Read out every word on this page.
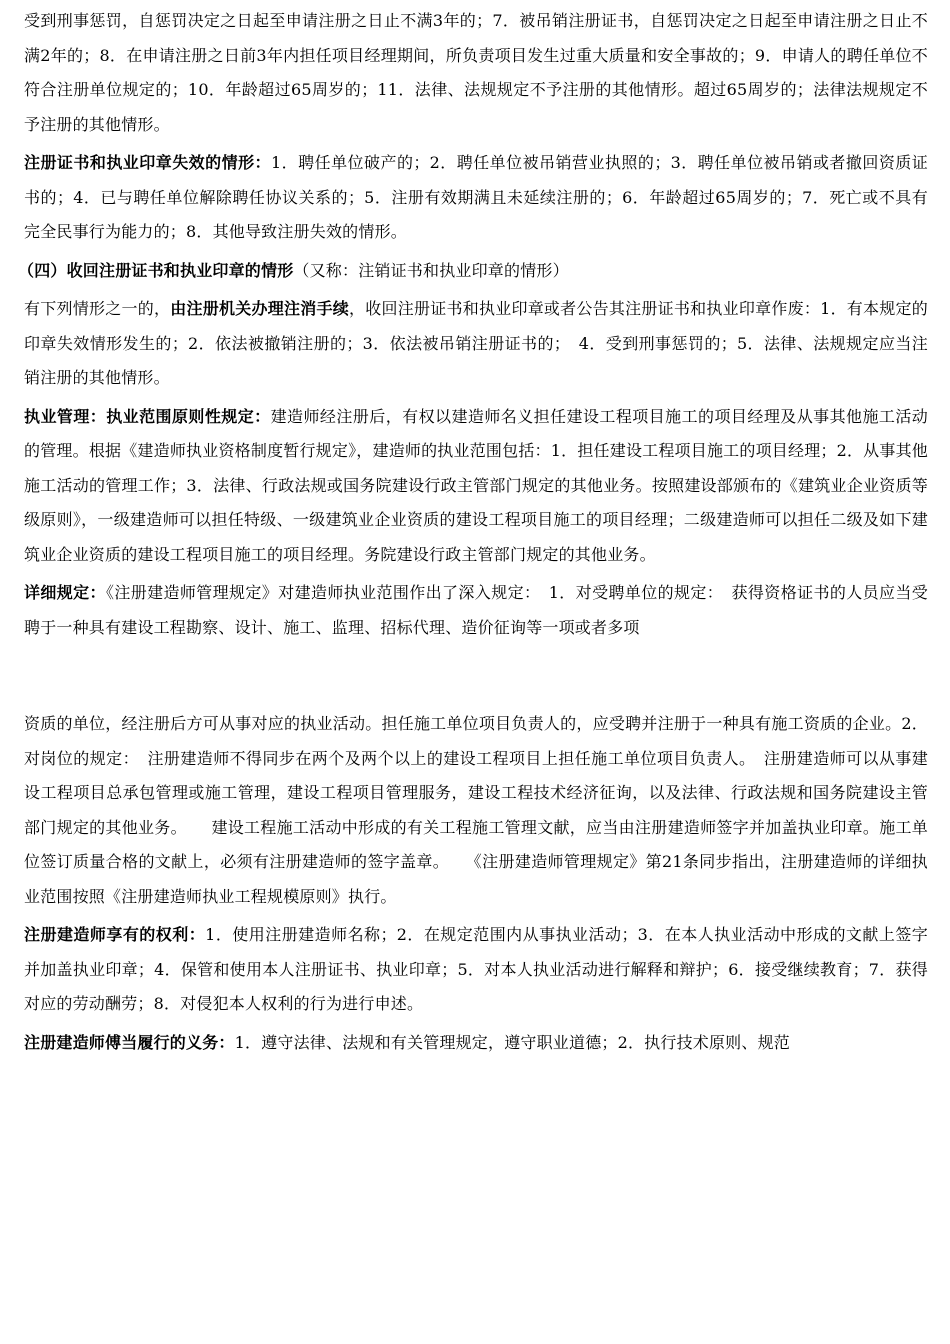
受到刑事惩罚，自惩罚决定之日起至申请注册之日止不满3年的；7．被吊销注册证书，自惩罚决定之日起至申请注册之日止不满2年的；8．在申请注册之日前3年内担任项目经理期间，所负责项目发生过重大质量和安全事故的；9．申请人的聘任单位不符合注册单位规定的；10．年龄超过65周岁的；11．法律、法规规定不予注册的其他情形。超过65周岁的；法律法规规定不予注册的其他情形。

注册证书和执业印章失效的情形：1．聘任单位破产的；2．聘任单位被吊销营业执照的；3．聘任单位被吊销或者撤回资质证书的；4．已与聘任单位解除聘任协议关系的；5．注册有效期满且未延续注册的；6．年龄超过65周岁的；7．死亡或不具有完全民事行为能力的；8．其他导致注册失效的情形。

（四）收回注册证书和执业印章的情形（又称：注销证书和执业印章的情形）

有下列情形之一的，由注册机关办理注消手续，收回注册证书和执业印章或者公告其注册证书和执业印章作废：1．有本规定的印章失效情形发生的；2．依法被撤销注册的；3．依法被吊销注册证书的；　4．受到刑事惩罚的；5．法律、法规规定应当注销注册的其他情形。

执业管理：执业范围原则性规定：建造师经注册后，有权以建造师名义担任建设工程项目施工的项目经理及从事其他施工活动的管理。根据《建造师执业资格制度暂行规定》，建造师的执业范围包括：1．担任建设工程项目施工的项目经理；2．从事其他施工活动的管理工作；3．法律、行政法规或国务院建设行政主管部门规定的其他业务。按照建设部颁布的《建筑业企业资质等级原则》，一级建造师可以担任特级、一级建筑业企业资质的建设工程项目施工的项目经理；二级建造师可以担任二级及如下建筑业企业资质的建设工程项目施工的项目经理。务院建设行政主管部门规定的其他业务。

详细规定：《注册建造师管理规定》对建造师执业范围作出了深入规定：　1．对受聘单位的规定：　获得资格证书的人员应当受聘于一种具有建设工程勘察、设计、施工、监理、招标代理、造价征询等一项或者多项

资质的单位，经注册后方可从事对应的执业活动。担任施工单位项目负责人的，应受聘并注册于一种具有施工资质的企业。2．对岗位的规定：　注册建造师不得同步在两个及两个以上的建设工程项目上担任施工单位项目负责人。　注册建造师可以从事建设工程项目总承包管理或施工管理，建设工程项目管理服务，建设工程技术经济征询，以及法律、行政法规和国务院建设主管部门规定的其他业务。　　建设工程施工活动中形成的有关工程施工管理文献，应当由注册建造师签字并加盖执业印章。施工单位签订质量合格的文献上，必须有注册建造师的签字盖章。　　《注册建造师管理规定》第21条同步指出，注册建造师的详细执业范围按照《注册建造师执业工程规模原则》执行。

注册建造师享有的权利：1．使用注册建造师名称；2．在规定范围内从事执业活动；3．在本人执业活动中形成的文献上签字并加盖执业印章；4．保管和使用本人注册证书、执业印章；5．对本人执业活动进行解释和辩护；6．接受继续教育；7．获得对应的劳动酬劳；8．对侵犯本人权利的行为进行申述。

注册建造师傅当履行的义务：1．遵守法律、法规和有关管理规定，遵守职业道德；2．执行技术原则、规范
